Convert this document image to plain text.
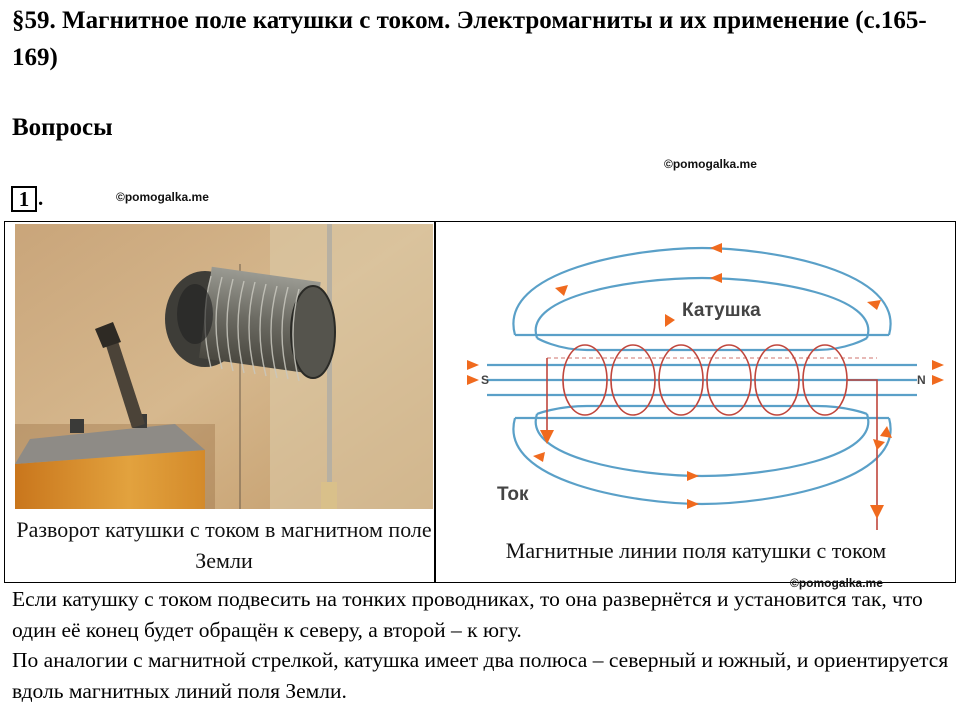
§59. Магнитное поле катушки с током. Электромагниты и их применение (с.165-169)
Вопросы
©pomogalka.me
©pomogalka.me
1 .
Разворот катушки с током в магнитном поле Земли
Катушка
Ток
S	N
Магнитные линии поля катушки с током
©pomogalka.me

Если катушку с током подвесить на тонких проводниках, то она развернётся и установится так, что один её конец будет обращён к северу, а второй – к югу.

По аналогии с магнитной стрелкой, катушка имеет два полюса – северный и южный, и ориентируется вдоль магнитных линий поля Земли.
